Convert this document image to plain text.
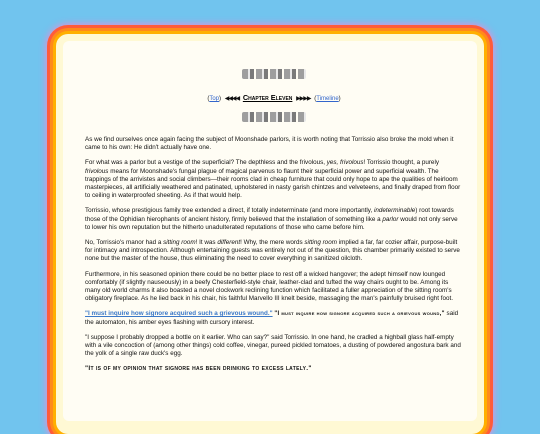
(Top) ◀◀◀◀ Chapter Eleven ▶▶▶▶ (Timeline)

As we find ourselves once again facing the subject of Moonshade parlors, it is worth noting that Torrissio also broke the mold when it came to his own: He didn't actually have one.

For what was a parlor but a vestige of the superficial? The depthless and the frivolous, yes, frivolous! Torrissio thought, a purely frivolous means for Moonshade's fungal plague of magical parvenus to flaunt their superficial power and superficial wealth. The trappings of the arrivistes and social climbers—their rooms clad in cheap furniture that could only hope to ape the qualities of heirloom masterpieces, all artificially weathered and patinated, upholstered in nasty garish chintzes and velveteens, and finally draped from floor to ceiling in waterproofed sheeting. As if that would help.

Torrissio, whose prestigious family tree extended a direct, if totally indeterminate (and more importantly, indeterminable) root towards those of the Ophidian hierophants of ancient history, firmly believed that the installation of something like a parlor would not only serve to lower his own reputation but the hitherto unadulterated reputations of those who came before him.

No, Torrissio's manor had a sitting room! It was different! Why, the mere words sitting room implied a far, far cozier affair, purpose-built for intimacy and introspection. Although entertaining guests was entirely not out of the question, this chamber primarily existed to serve none but the master of the house, thus eliminating the need to cover everything in sanitized oilcloth.

Furthermore, in his seasoned opinion there could be no better place to rest off a wicked hangover; the adept himself now lounged comfortably (if slightly nauseously) in a beefy Chesterfield-style chair, leather-clad and tufted the way chairs ought to be. Among its many old world charms it also boasted a novel clockwork reclining function which facilitated a fuller appreciation of the sitting room's obligatory fireplace. As he lied back in his chair, his faithful Marvello III knelt beside, massaging the man's painfully bruised right foot.

"I must inquire how signore acquired such a grievous wound." "I must inquire how signore acquired such a grievous wound," said the automaton, his amber eyes flashing with cursory interest.

"I suppose I probably dropped a bottle on it earlier. Who can say?" said Torrissio. In one hand, he cradled a highball glass half-empty with a vile concoction of (among other things) cold coffee, vinegar, pureed pickled tomatoes, a dusting of powdered angostura bark and the yolk of a single raw duck's egg.

"It is of my opinion that signore has been drinking to excess lately."
